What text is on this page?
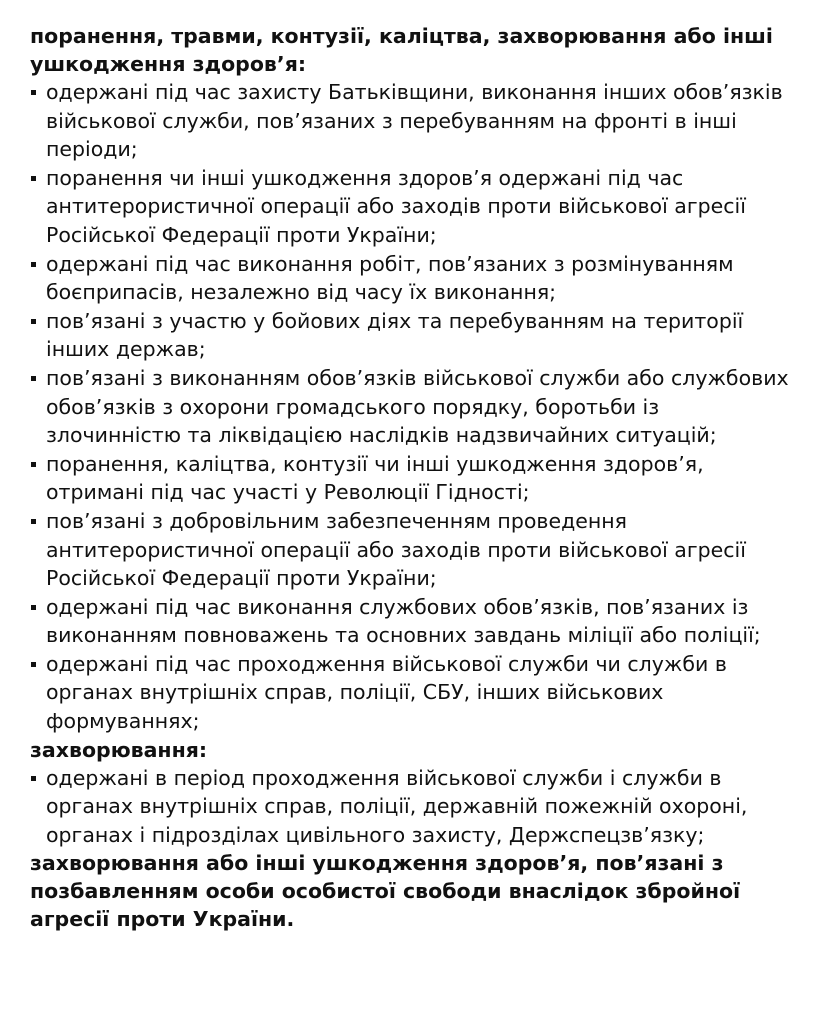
поранення, травми, контузії, каліцтва, захворювання або інші ушкодження здоров’я:

одержані під час захисту Батьківщини, виконання інших обов’язків військової служби, пов’язаних з перебуванням на фронті в інші періоди;
поранення чи інші ушкодження здоров’я одержані під час антитерористичної операції або заходів проти військової агресії Російської Федерації проти України;
одержані під час виконання робіт, пов’язаних з розмінуванням боєприпасів, незалежно від часу їх виконання;
пов’язані з участю у бойових діях та перебуванням на території інших держав;
пов’язані з виконанням обов’язків військової служби або службових обов’язків з охорони громадського порядку, боротьби із злочинністю та ліквідацією наслідків надзвичайних ситуацій;
поранення, каліцтва, контузії чи інші ушкодження здоров’я, отримані під час участі у Революції Гідності;
пов’язані з добровільним забезпеченням проведення антитерористичної операції або заходів проти військової агресії Російської Федерації проти України;
одержані під час виконання службових обов’язків, пов’язаних із виконанням повноважень та основних завдань міліції або поліції;
одержані під час проходження військової служби чи служби в органах внутрішніх справ, поліції, СБУ, інших військових формуваннях;

захворювання:

одержані в період проходження військової служби і служби в органах внутрішніх справ, поліції, державній пожежній охороні, органах і підрозділах цивільного захисту, Держспецзв’язку;

захворювання або інші ушкодження здоров’я, пов’язані з позбавленням особи особистої свободи внаслідок збройної агресії проти України.
